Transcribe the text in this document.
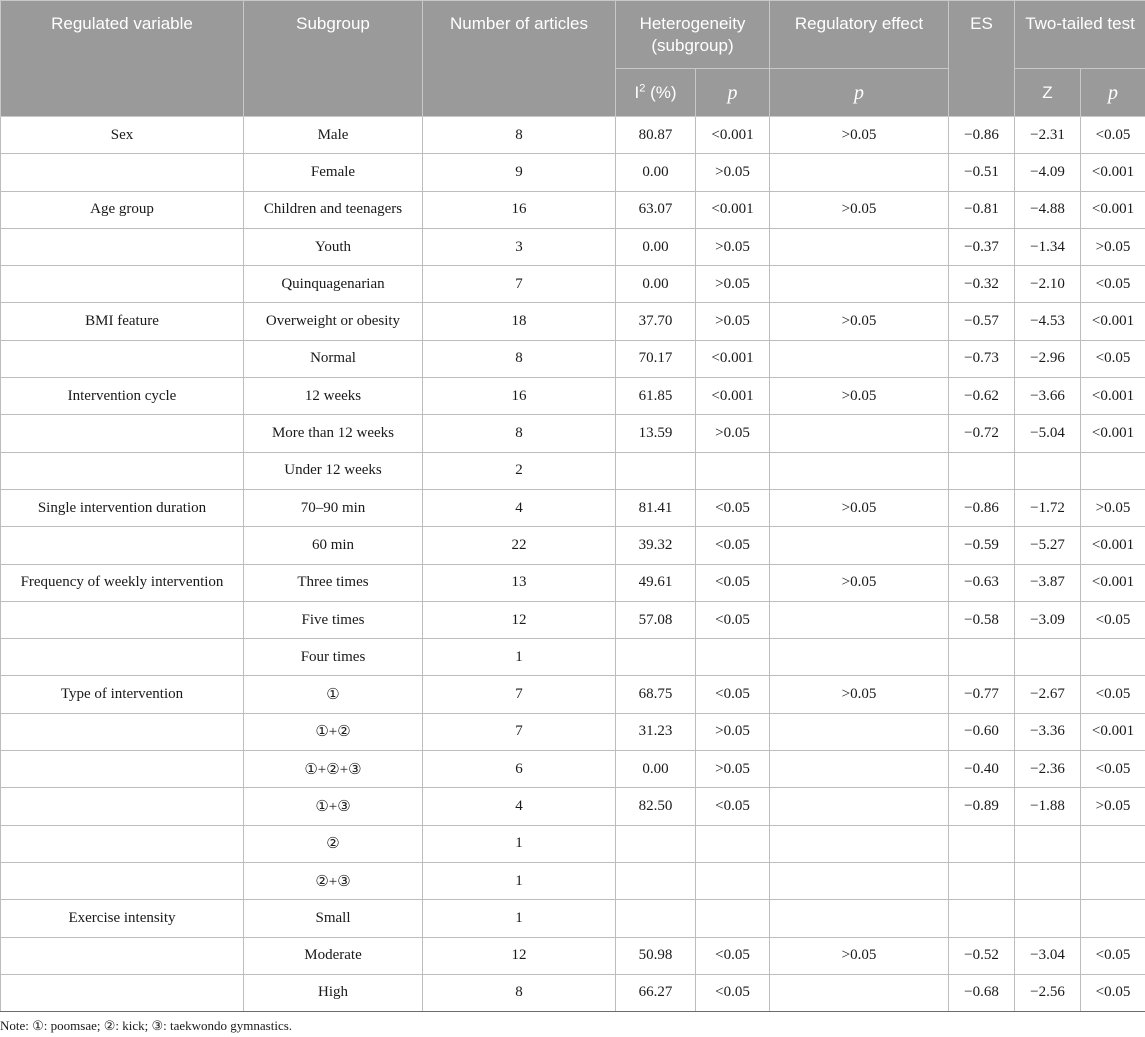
Regulated variable	Subgroup	Number of articles	Heterogeneity (subgroup)		Regulatory effect	ES	Two-tailed test	
			$I^2$ (%)	p	p		Z	p
Sex	Male	8	80.87	<0.001	>0.05	−0.86	−2.31	<0.05
	Female	9	0.00	>0.05		−0.51	−4.09	<0.001
Age group	Children and teenagers	16	63.07	<0.001	>0.05	−0.81	−4.88	<0.001
	Youth	3	0.00	>0.05		−0.37	−1.34	>0.05
	Quinquagenarian	7	0.00	>0.05		−0.32	−2.10	<0.05
BMI feature	Overweight or obesity	18	37.70	>0.05	>0.05	−0.57	−4.53	<0.001
	Normal	8	70.17	<0.001		−0.73	−2.96	<0.05
Intervention cycle	12 weeks	16	61.85	<0.001	>0.05	−0.62	−3.66	<0.001
	More than 12 weeks	8	13.59	>0.05		−0.72	−5.04	<0.001
	Under 12 weeks	2						
Single intervention duration	70–90 min	4	81.41	<0.05	>0.05	−0.86	−1.72	>0.05
	60 min	22	39.32	<0.05		−0.59	−5.27	<0.001
Frequency of weekly intervention	Three times	13	49.61	<0.05	>0.05	−0.63	−3.87	<0.001
	Five times	12	57.08	<0.05		−0.58	−3.09	<0.05
	Four times	1						
Type of intervention	①	7	68.75	<0.05	>0.05	−0.77	−2.67	<0.05
	①+②	7	31.23	>0.05		−0.60	−3.36	<0.001
	①+②+③	6	0.00	>0.05		−0.40	−2.36	<0.05
	①+③	4	82.50	<0.05		−0.89	−1.88	>0.05
	②	1						
	②+③	1						
Exercise intensity	Small	1						
	Moderate	12	50.98	<0.05	>0.05	−0.52	−3.04	<0.05
	High	8	66.27	<0.05		−0.68	−2.56	<0.05
Note: ①: poomsae; ②: kick; ③: taekwondo gymnastics.
